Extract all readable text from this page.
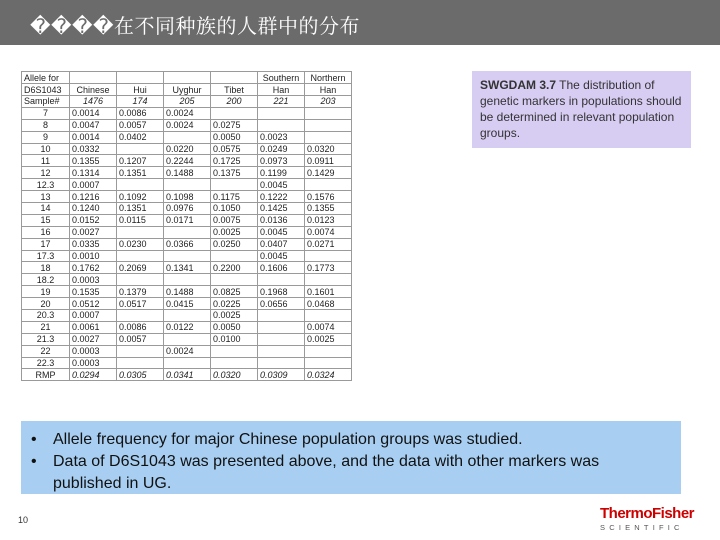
����在不同种族的人群中的分布
Allele for					Southern	Northern
D6S1043	Chinese	Hui	Uyghur	Tibet	Han	Han
Sample#	1476	174	205	200	221	203
7	0.0014	0.0086	0.0024			
8	0.0047	0.0057	0.0024	0.0275		
9	0.0014	0.0402		0.0050	0.0023	
10	0.0332		0.0220	0.0575	0.0249	0.0320
11	0.1355	0.1207	0.2244	0.1725	0.0973	0.0911
12	0.1314	0.1351	0.1488	0.1375	0.1199	0.1429
12.3	0.0007				0.0045	
13	0.1216	0.1092	0.1098	0.1175	0.1222	0.1576
14	0.1240	0.1351	0.0976	0.1050	0.1425	0.1355
15	0.0152	0.0115	0.0171	0.0075	0.0136	0.0123
16	0.0027			0.0025	0.0045	0.0074
17	0.0335	0.0230	0.0366	0.0250	0.0407	0.0271
17.3	0.0010				0.0045	
18	0.1762	0.2069	0.1341	0.2200	0.1606	0.1773
18.2	0.0003					
19	0.1535	0.1379	0.1488	0.0825	0.1968	0.1601
20	0.0512	0.0517	0.0415	0.0225	0.0656	0.0468
20.3	0.0007			0.0025		
21	0.0061	0.0086	0.0122	0.0050		0.0074
21.3	0.0027	0.0057		0.0100		0.0025
22	0.0003		0.0024			
22.3	0.0003					
RMP	0.0294	0.0305	0.0341	0.0320	0.0309	0.0324
SWGDAM 3.7 The distribution of genetic markers in populations should be determined in relevant population groups.
• Allele frequency for major Chinese population groups was studied.
• Data of D6S1043 was presented above, and the data with other markers was published in UG.
10	ThermoFisher
SCIENTIFIC
